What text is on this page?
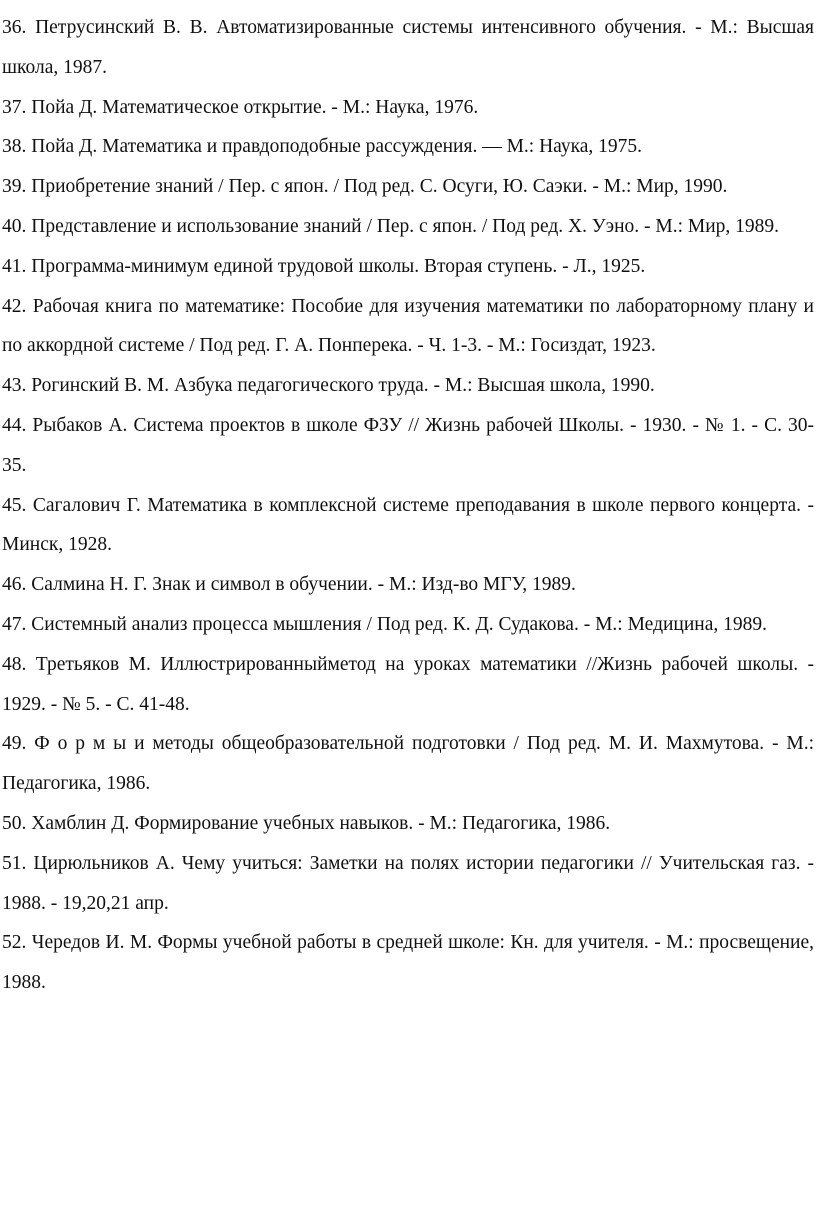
36. Петрусинский В. В. Автоматизированные системы интенсивного обучения. - М.: Высшая школа, 1987.

37. Пойа Д. Математическое открытие. - М.: Наука, 1976.

38. Пойа Д. Математика и правдоподобные рассуждения. — М.: Наука, 1975.

39. Приобретение знаний / Пер. с япон. / Под ред. С. Осуги, Ю. Саэки. - М.: Мир, 1990.

40. Представление и использование знаний / Пер. с япон. / Под ред. Х. Уэно. - М.: Мир, 1989.

41. Программа-минимум единой трудовой школы. Вторая ступень. - Л., 1925.

42. Рабочая книга по математике: Пособие для изучения математики по лабораторному плану и по аккордной системе / Под ред. Г. А. Понперека. - Ч. 1-3. - М.: Госиздат, 1923.

43. Рогинский В. М. Азбука педагогического труда. - М.: Высшая школа, 1990.

44. Рыбаков А. Система проектов в школе ФЗУ // Жизнь рабочей Школы. - 1930. - № 1. - С. 30-35.

45. Сагалович Г. Математика в комплексной системе преподавания в школе первого концерта. - Минск, 1928.

46. Салмина Н. Г. Знак и символ в обучении. - М.: Изд-во МГУ, 1989.

47. Системный анализ процесса мышления / Под ред. К. Д. Судакова. - М.: Медицина, 1989.

48. Третьяков М. Иллюстрированныйметод на уроках математики //Жизнь рабочей школы. - 1929. - № 5. - С. 41-48.

49. Ф о р м ы и методы общеобразовательной подготовки / Под ред. М. И. Махмутова. - М.: Педагогика, 1986.

50. Хамблин Д. Формирование учебных навыков. - М.: Педагогика, 1986.

51. Цирюльников А. Чему учиться: Заметки на полях истории педагогики // Учительская газ. - 1988. - 19,20,21 апр.

52. Чередов И. М. Формы учебной работы в средней школе: Кн. для учителя. - М.: просвещение, 1988.
